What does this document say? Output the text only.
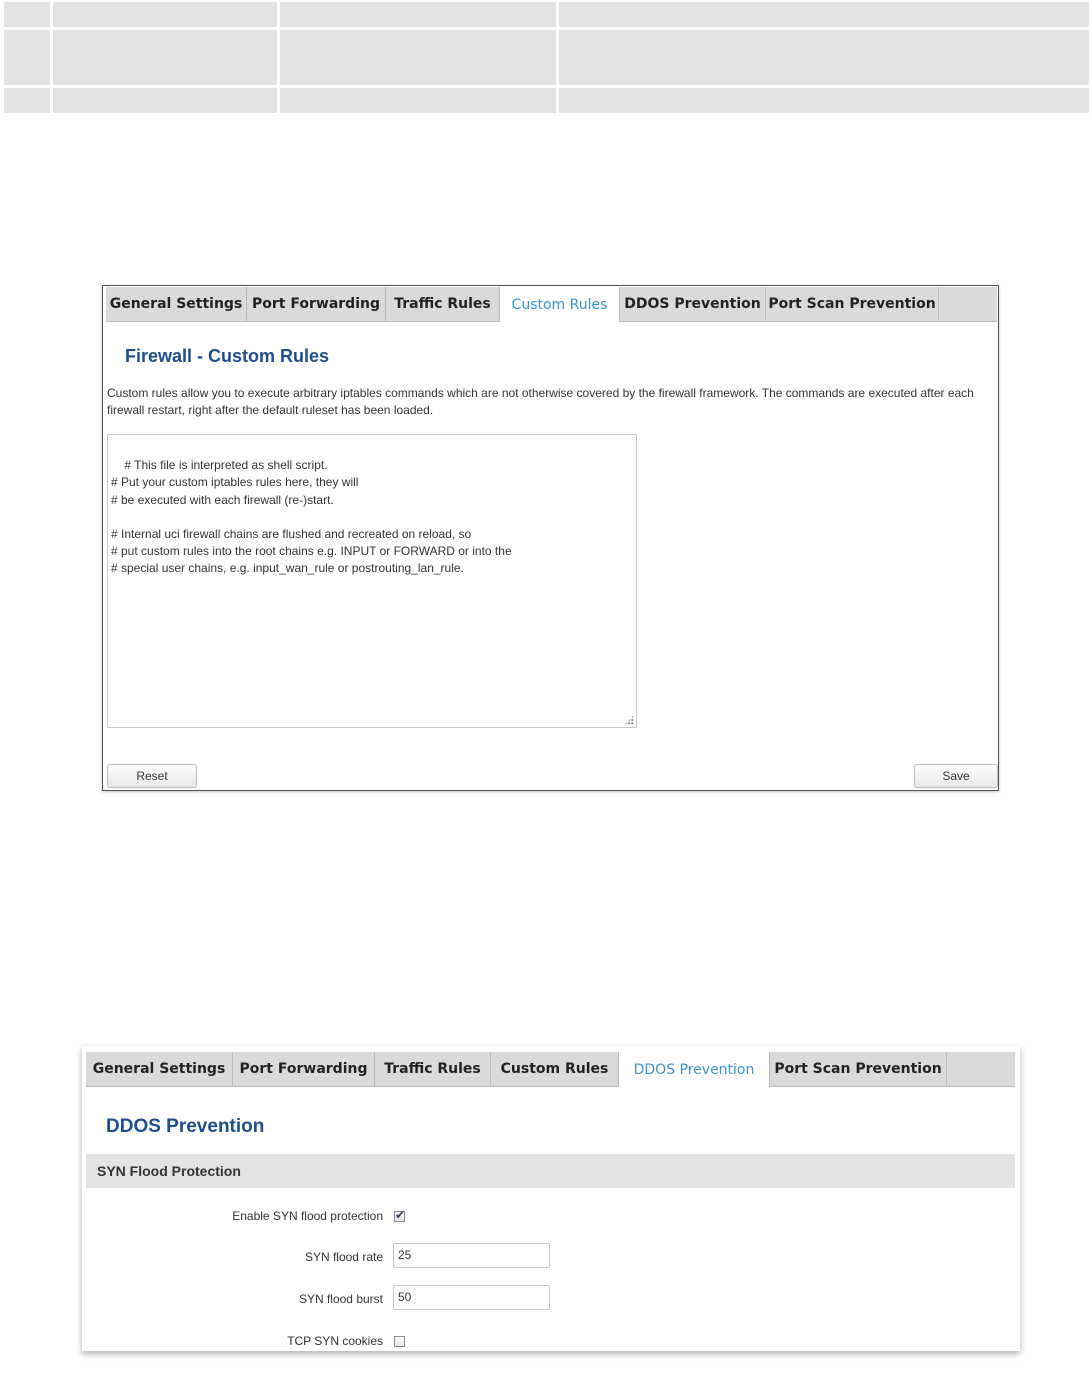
General Settings Port Forwarding	Traffic Rules	Custom Rules	DDOS Prevention Port Scan Prevention
Firewall - Custom Rules
Custom rules allow you to execute arbitrary iptables commands which are not otherwise covered by the firewall framework. The commands are executed after each firewall restart, right after the default ruleset has been loaded.

# This file is interpreted as shell script.
# Put your custom iptables rules here, they will
# be executed with each firewall (re-)start.

# Internal uci firewall chains are flushed and recreated on reload, so
# put custom rules into the root chains e.g. INPUT or FORWARD or into the
# special user chains, e.g. input_wan_rule or postrouting_lan_rule.

Reset	Save
General Settings	Port Forwarding	Traffic Rules	Custom Rules	DDOS Prevention	Port Scan Prevention
DDOS Prevention
SYN Flood Protection
Enable SYN flood protection ✔
SYN flood rate	25
SYN flood burst	50
TCP SYN cookies
